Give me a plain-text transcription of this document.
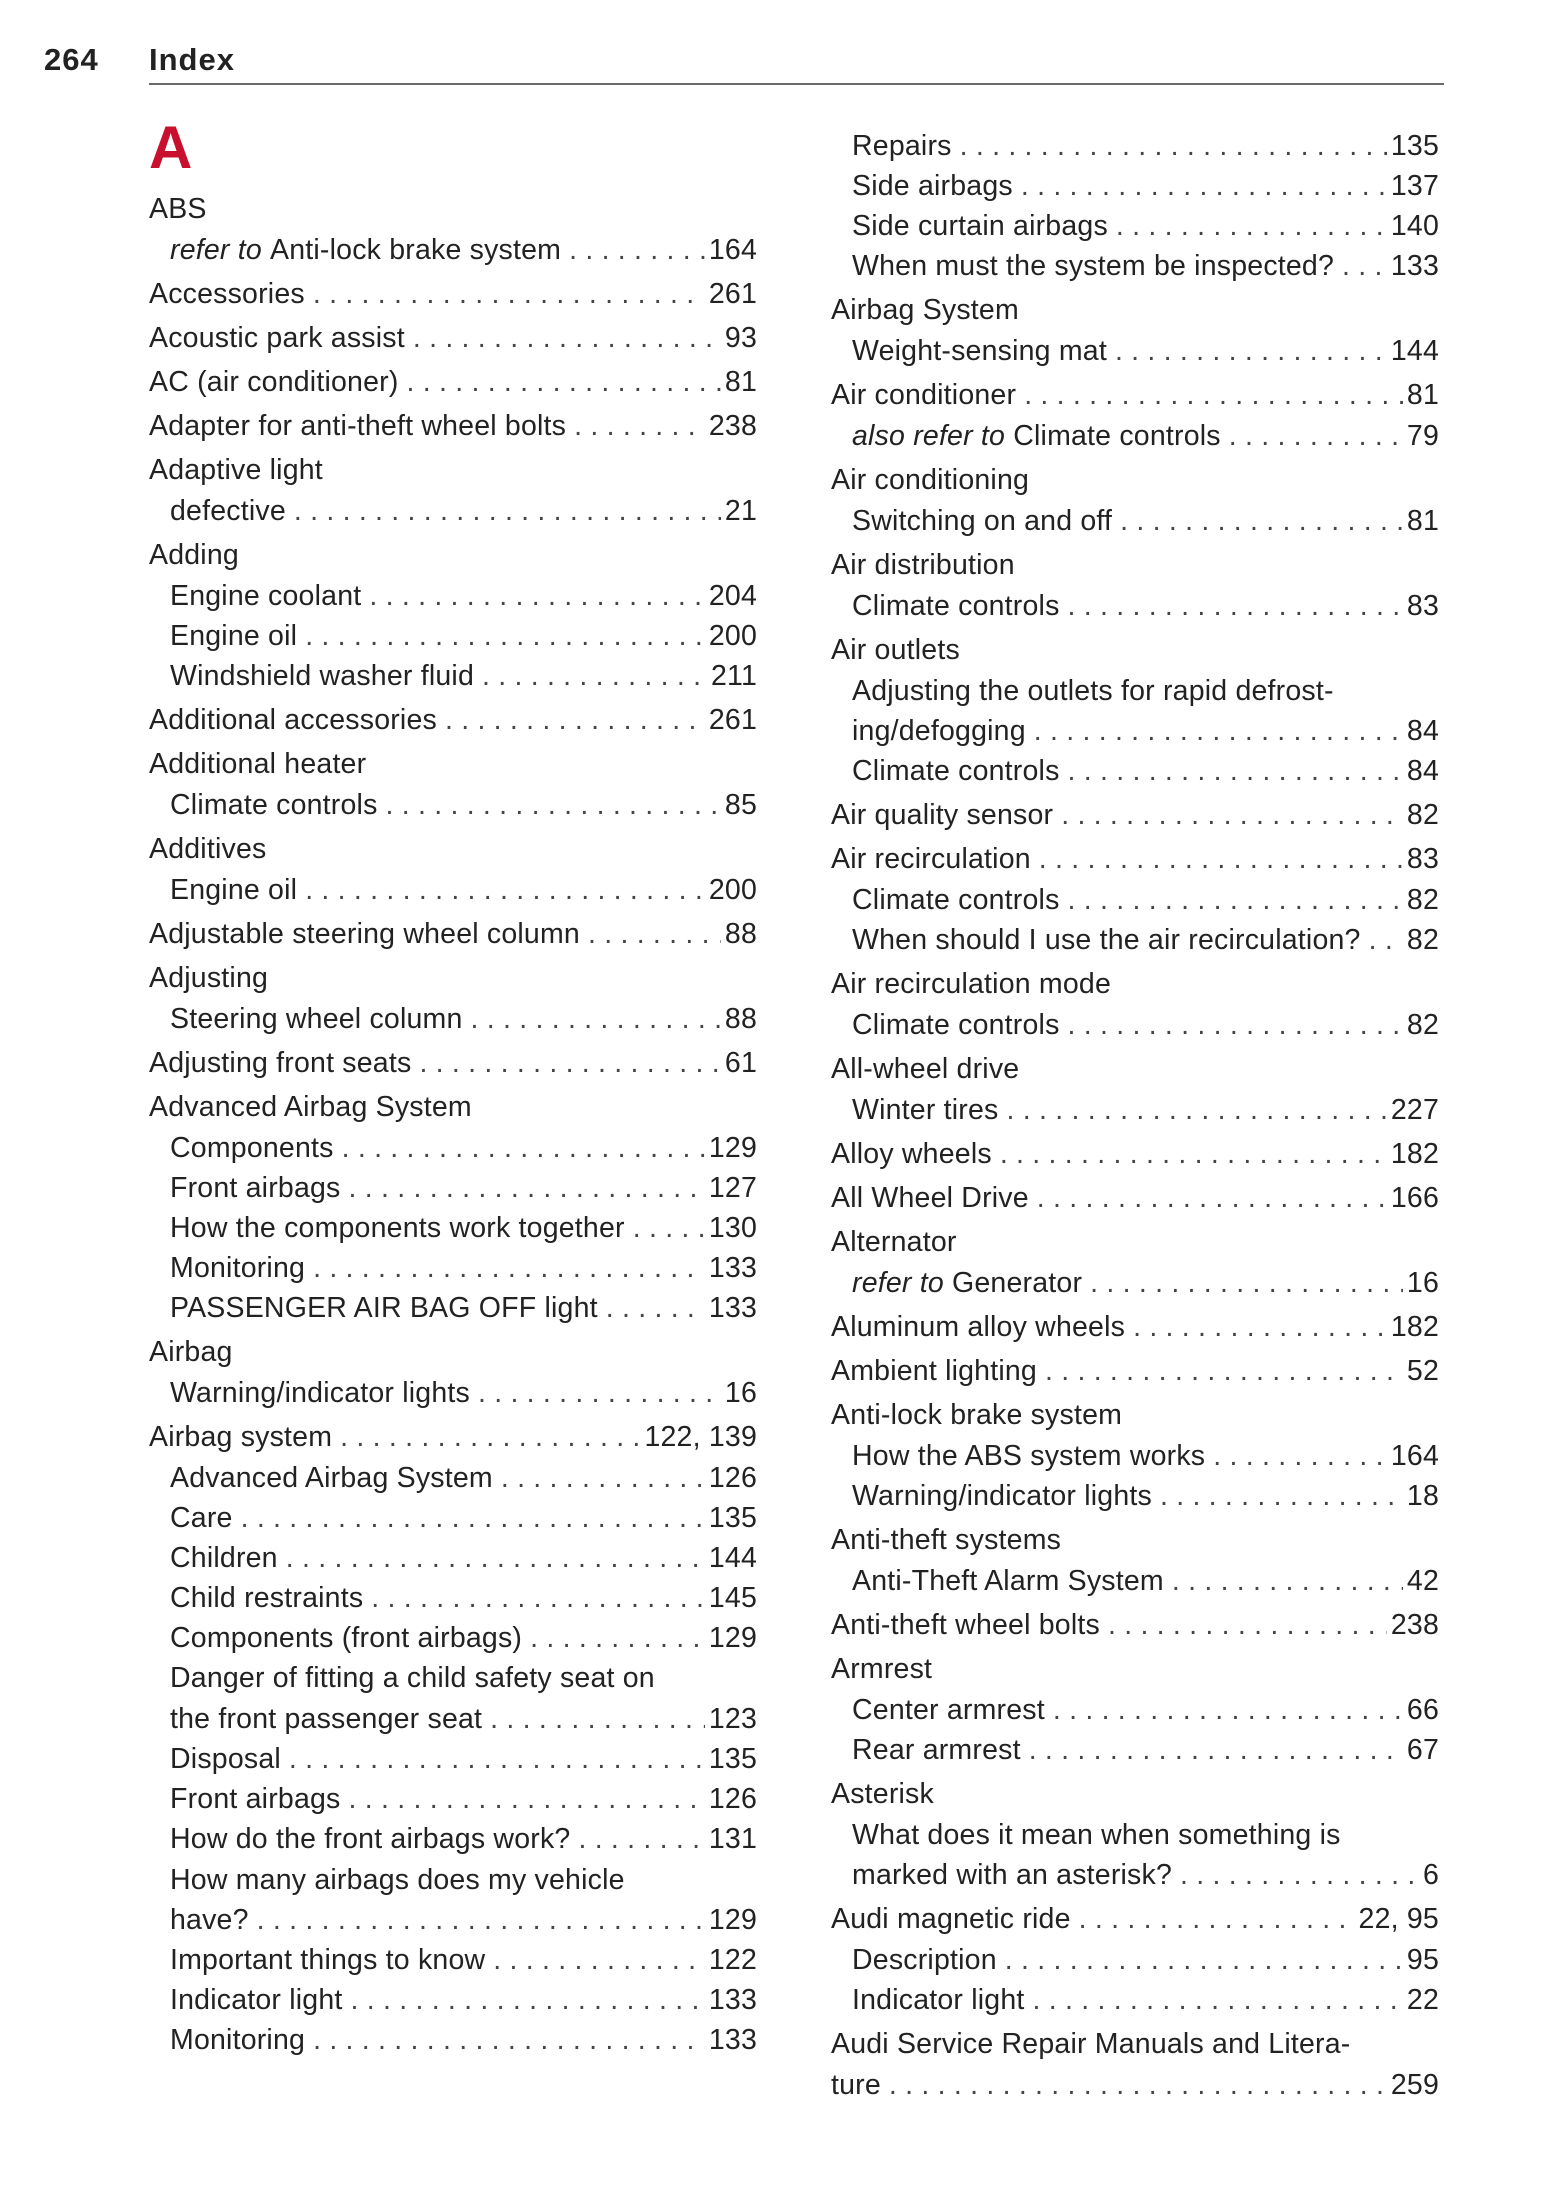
264 Index
A
ABS
refer to
Anti-lock brake system . . .	164
Accessories . . .	261
Acoustic park assist . . .	93
AC (air conditioner) . . .	81
Adapter for anti-theft wheel bolts . . .	238
Adaptive light
defective . . .	21
Adding
Engine coolant . . .	204
Engine oil . . .	200
Windshield washer fluid . . .	211
Additional accessories . . .	261
Additional heater
Climate controls . . .	85
Additives
Engine oil . . .	200
Adjustable steering wheel column . . .	88
Adjusting
Steering wheel column . . .	88
Adjusting front seats . . .	61
Advanced Airbag System
Components . . .	129
Front airbags . . .	127
How the components work together . . .	130
Monitoring . . .	133
PASSENGER AIR BAG OFF light . . .	133
Airbag
Warning/indicator lights . . .	16
Airbag system . . .	122, 139
Advanced Airbag System . . .	126
Care . . .	135
Children . . .	144
Child restraints . . .	145
Components (front airbags) . . .	129
Danger of fitting a child safety seat on
the front passenger seat . . .	123
Disposal . . .	135
Front airbags . . .	126
How do the front airbags work? . . .	131
How many airbags does my vehicle
have? . . .	129
Important things to know . . .	122
Indicator light . . .	133
Monitoring . . .	133
Repairs . . .	135
Side airbags . . .	137
Side curtain airbags . . .	140
When must the system be inspected? . . . 133
Airbag System
Weight-sensing mat . . .	144
Air conditioner . . .	81
also refer to
Climate controls . . .	79
Air conditioning
Switching on and off . . .	81
Air distribution
Climate controls . . .	83
Air outlets
Adjusting the outlets for rapid defrost-
ing/defogging . . .	84
Climate controls . . .	84
Air quality sensor . . .	82
Air recirculation . . .	83
Climate controls . . .	82
When should I use the air recirculation? . . . 82
Air recirculation mode
Climate controls . . .	82
All-wheel drive
Winter tires . . .	227
Alloy wheels . . .	182
All Wheel Drive . . .	166
Alternator
refer to
Generator . . .	16
Aluminum alloy wheels . . .	182
Ambient lighting . . .	52
Anti-lock brake system
How the ABS system works . . .	164
Warning/indicator lights . . .	18
Anti-theft systems
Anti-Theft Alarm System . . .	42
Anti-theft wheel bolts . . .	238
Armrest
Center armrest . . .	66
Rear armrest . . .	67
Asterisk
What does it mean when something is
marked with an asterisk? . . .	6
Audi magnetic ride . . .	22, 95
Description . . .	95
Indicator light . . .	22
Audi Service Repair Manuals and Litera-
ture . . .	259
